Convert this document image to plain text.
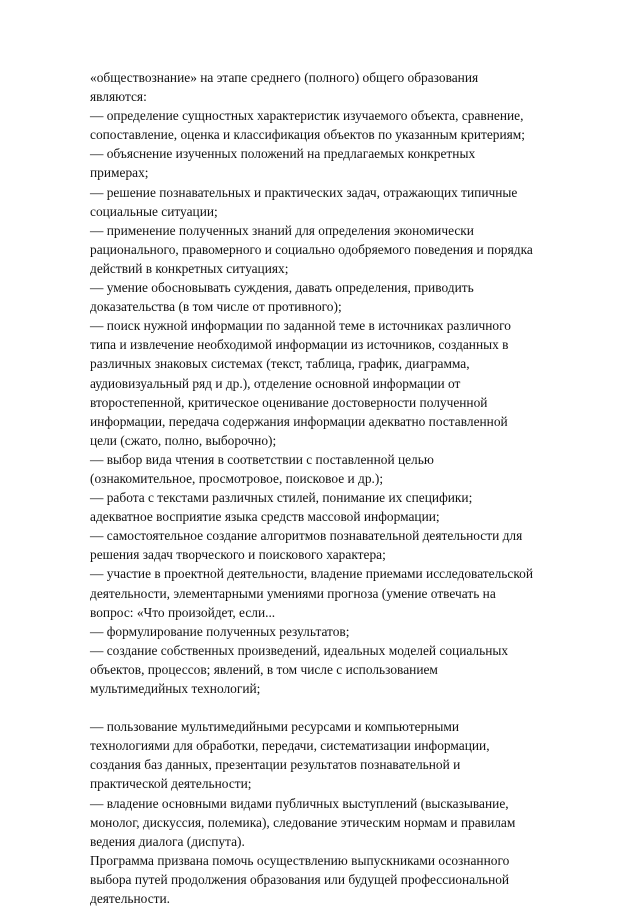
«обществознание» на этапе среднего (полного) общего образования
являются:
— определение сущностных характеристик изучаемого объекта, сравнение,
сопоставление, оценка и классификация объектов по указанным критериям;
— объяснение изученных положений на предлагаемых конкретных
примерах;
— решение познавательных и практических задач, отражающих типичные
социальные ситуации;
— применение полученных знаний для определения экономически
рационального, правомерного и социально одобряемого поведения и порядка
действий в конкретных ситуациях;
— умение обосновывать суждения, давать определения, приводить
доказательства (в том числе от противного);
— поиск нужной информации по заданной теме в источниках различного
типа и извлечение необходимой информации из источников, созданных в
различных знаковых системах (текст, таблица, график, диаграмма,
аудиовизуальный ряд и др.), отделение основной информации от
второстепенной, критическое оценивание достоверности полученной
информации, передача содержания информации адекватно поставленной
цели (сжато, полно, выборочно);
— выбор вида чтения в соответствии с поставленной целью
(ознакомительное, просмотровое, поисковое и др.);
— работа с текстами различных стилей, понимание их специфики;
адекватное восприятие языка средств массовой информации;
— самостоятельное создание алгоритмов познавательной деятельности для
решения задач творческого и поискового характера;
— участие в проектной деятельности, владение приемами исследовательской
деятельности, элементарными умениями прогноза (умение отвечать на
вопрос: «Что произойдет, если...
— формулирование полученных результатов;
— создание собственных произведений, идеальных моделей социальных
объектов, процессов; явлений, в том числе с использованием
мультимедийных технологий;
— пользование мультимедийными ресурсами и компьютерными
технологиями для обработки, передачи, систематизации информации,
создания баз данных, презентации результатов познавательной и
практической деятельности;
— владение основными видами публичных выступлений (высказывание,
монолог, дискуссия, полемика), следование этическим нормам и правилам
ведения диалога (диспута).
Программа призвана помочь осуществлению выпускниками осознанного
выбора путей продолжения образования или будущей профессиональной
деятельности.
